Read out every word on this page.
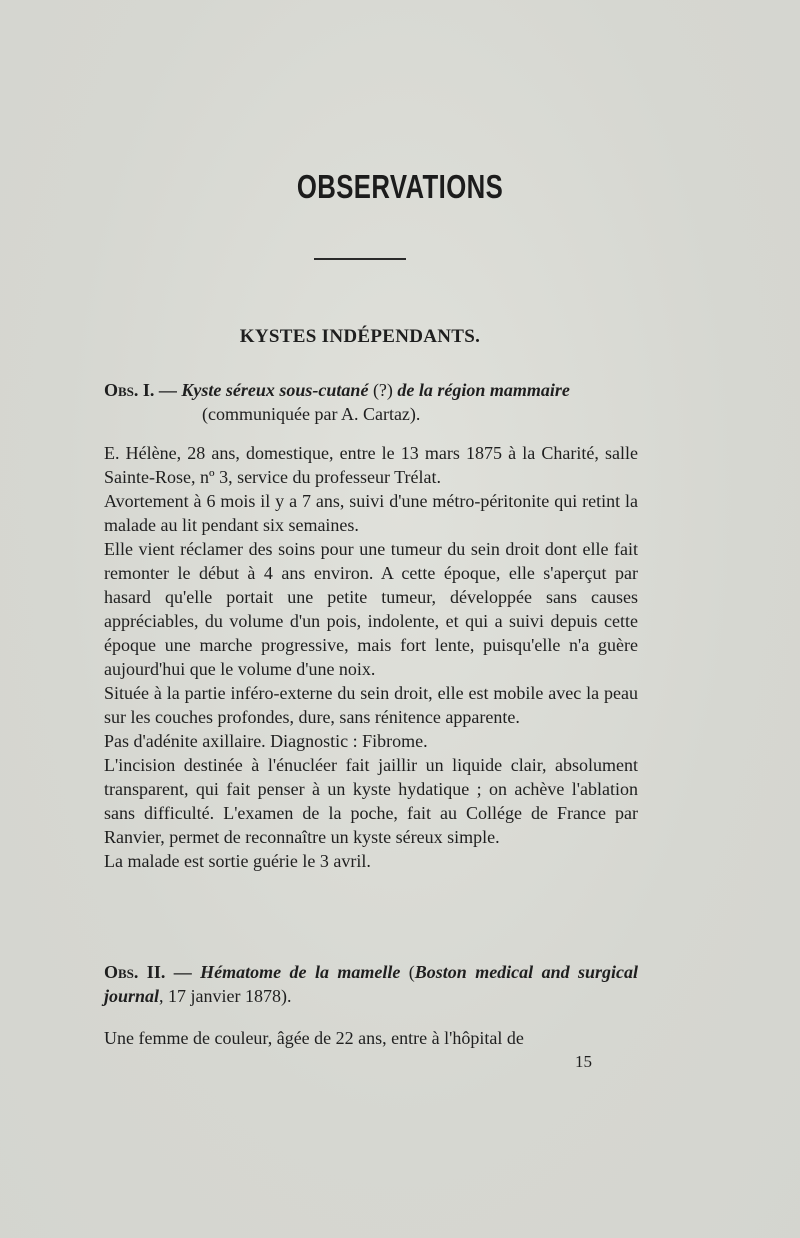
OBSERVATIONS
KYSTES INDÉPENDANTS.
Obs. I. — Kyste séreux sous-cutané (?) de la région mammaire
(communiquée par A. Cartaz).

E. Hélène, 28 ans, domestique, entre le 13 mars 1875 à la Charité, salle Sainte-Rose, nº 3, service du professeur Trélat.

Avortement à 6 mois il y a 7 ans, suivi d'une métro-péritonite qui retint la malade au lit pendant six semaines.

Elle vient réclamer des soins pour une tumeur du sein droit dont elle fait remonter le début à 4 ans environ. A cette époque, elle s'aperçut par hasard qu'elle portait une petite tumeur, développée sans causes appréciables, du volume d'un pois, indolente, et qui a suivi depuis cette époque une marche progressive, mais fort lente, puisqu'elle n'a guère aujourd'hui que le volume d'une noix.

Située à la partie inféro-externe du sein droit, elle est mobile avec la peau sur les couches profondes, dure, sans rénitence apparente.

Pas d'adénite axillaire. Diagnostic : Fibrome.

L'incision destinée à l'énucléer fait jaillir un liquide clair, absolument transparent, qui fait penser à un kyste hydatique ; on achève l'ablation sans difficulté. L'examen de la poche, fait au Collége de France par Ranvier, permet de reconnaître un kyste séreux simple.

La malade est sortie guérie le 3 avril.

Obs. II. — Hématome de la mamelle (Boston medical and surgical journal, 17 janvier 1878).

Une femme de couleur, âgée de 22 ans, entre à l'hôpital de

15
